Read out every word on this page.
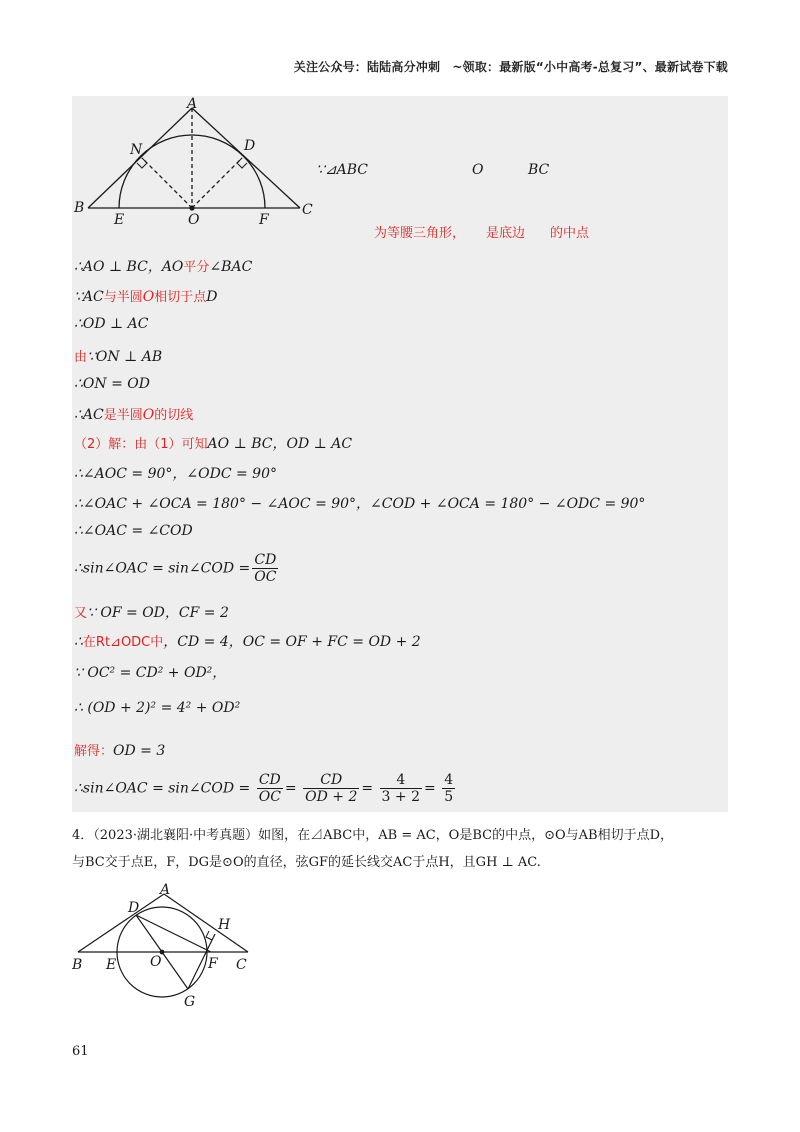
关注公众号：陆陆高分冲刺　~领取：最新版“小中高考-总复习”、最新试卷下载
A
N	D
B
E	O	F
C
∵⊿ABC	O	BC
为等腰三角形， 是底边 的中点
∴AO ⊥ BC，AO平分∠BAC
∵AC与半圆O相切于点D
∴OD ⊥ AC
由∵ON ⊥ AB
∴ON = OD
∴AC是半圆O的切线
（2）解：由（1）可知AO ⊥ BC，OD ⊥ AC
∴∠AOC = 90°，∠ODC = 90°
∴∠OAC + ∠OCA = 180° − ∠AOC = 90°，∠COD + ∠OCA = 180° − ∠ODC = 90°
∴∠OAC = ∠COD
∴sin∠OAC = sin∠COD = $\frac{CD}{OC}$
又∵ OF = OD，CF = 2
∴在Rt⊿ODC中，CD = 4，OC = OF + FC = OD + 2
∵ OC² = CD² + OD²，
∴ (OD + 2)² = 4² + OD²
解得：OD = 3
∴sin∠OAC = sin∠COD = $\frac{CD}{OC} = \frac{CD}{OD + 2} = \frac{4}{3 + 2} = \frac{4}{5}$
4．（2023·湖北襄阳·中考真题）如图，在⊿ABC中，AB = AC，O是BC的中点，⊙O与AB相切于点D，
与BC交于点E，F，DG是⊙O的直径，弦GF的延长线交AC于点H，且GH ⊥ AC.
A
D
H
B E O	F C
G
61
